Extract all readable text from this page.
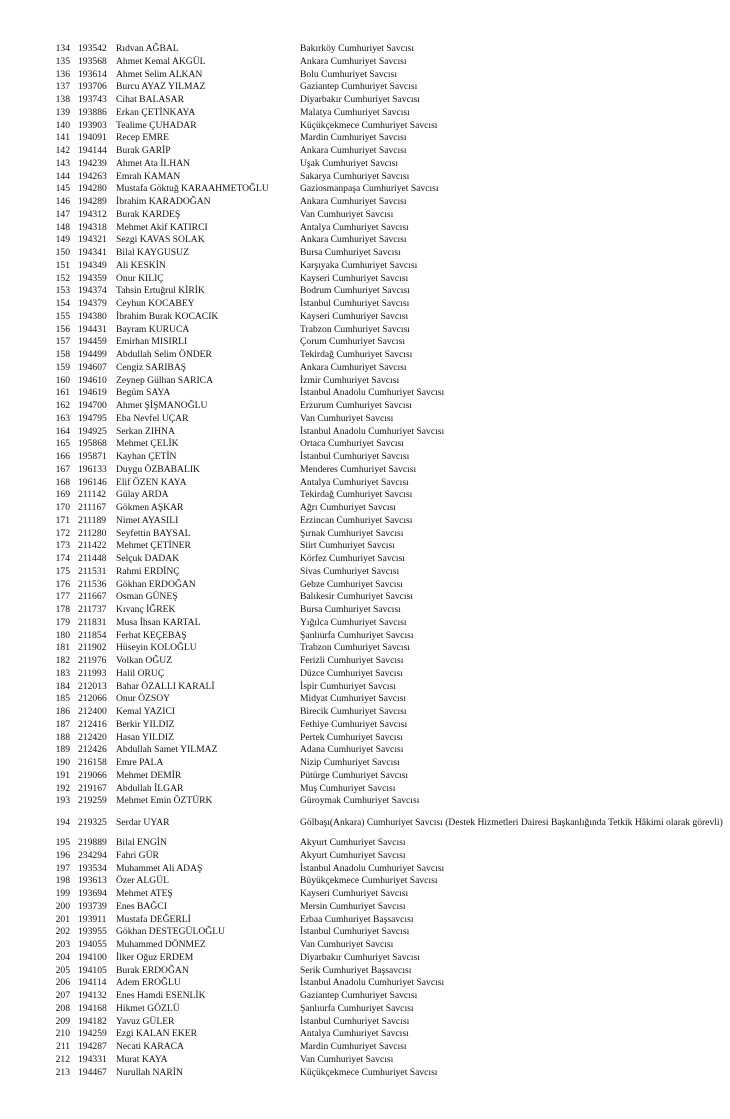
134 193542 Rıdvan AĞBAL	Bakırköy Cumhuriyet Savcısı
135 193568 Ahmet Kemal AKGÜL	Ankara Cumhuriyet Savcısı
136 193614 Ahmet Selim ALKAN	Bolu Cumhuriyet Savcısı
137 193706 Burcu AYAZ YILMAZ	Gaziantep Cumhuriyet Savcısı
138 193743 Cihat BALASAR	Diyarbakır Cumhuriyet Savcısı
139 193886 Erkan ÇETİNKAYA	Malatya Cumhuriyet Savcısı
140 193903 Tealime ÇUHADAR	Küçükçekmece Cumhuriyet Savcısı
141 194091 Recep EMRE	Mardin Cumhuriyet Savcısı
142 194144 Burak GARİP	Ankara Cumhuriyet Savcısı
143 194239 Ahmet Ata İLHAN	Uşak Cumhuriyet Savcısı
144 194263 Emrah KAMAN	Sakarya Cumhuriyet Savcısı
145 194280 Mustafa Göktuğ KARAAHMETOĞLU	Gaziosmanpaşa Cumhuriyet Savcısı
146 194289 İbrahim KARADOĞAN	Ankara Cumhuriyet Savcısı
147 194312 Burak KARDEŞ	Van Cumhuriyet Savcısı
148 194318 Mehmet Akif KATIRCI	Antalya Cumhuriyet Savcısı
149 194321 Sezgi KAVAS SOLAK	Ankara Cumhuriyet Savcısı
150 194341 Bilal KAYGUSUZ	Bursa Cumhuriyet Savcısı
151 194349 Ali KESKİN	Karşıyaka Cumhuriyet Savcısı
152 194359 Onur KILIÇ	Kayseri Cumhuriyet Savcısı
153 194374 Tahsin Ertuğrul KİRİK	Bodrum Cumhuriyet Savcısı
154 194379 Ceyhun KOCABEY	İstanbul Cumhuriyet Savcısı
155 194380 İbrahim Burak KOCACIK	Kayseri Cumhuriyet Savcısı
156 194431 Bayram KURUCA	Trabzon Cumhuriyet Savcısı
157 194459 Emirhan MISIRLI	Çorum Cumhuriyet Savcısı
158 194499 Abdullah Selim ÖNDER	Tekirdağ Cumhuriyet Savcısı
159 194607 Cengiz SARIBAŞ	Ankara Cumhuriyet Savcısı
160 194610 Zeynep Gülhan SARICA	İzmir Cumhuriyet Savcısı
161 194619 Begüm SAYA	İstanbul Anadolu Cumhuriyet Savcısı
162 194700 Ahmet ŞİŞMANOĞLU	Erzurum Cumhuriyet Savcısı
163 194795 Eba Nevfel UÇAR	Van Cumhuriyet Savcısı
164 194925 Serkan ZIHNA	İstanbul Anadolu Cumhuriyet Savcısı
165 195868 Mehmet ÇELİK	Ortaca Cumhuriyet Savcısı
166 195871 Kayhan ÇETİN	İstanbul Cumhuriyet Savcısı
167 196133 Duygu ÖZBABALIK	Menderes Cumhuriyet Savcısı
168 196146 Elif ÖZEN KAYA	Antalya Cumhuriyet Savcısı
169 211142 Gülay ARDA	Tekirdağ Cumhuriyet Savcısı
170 211167 Gökmen AŞKAR	Ağrı Cumhuriyet Savcısı
171 211189 Nimet AYASILI	Erzincan Cumhuriyet Savcısı
172 211280 Seyfettin BAYSAL	Şırnak Cumhuriyet Savcısı
173 211422 Mehmet ÇETİNER	Siirt Cumhuriyet Savcısı
174 211448 Selçuk DADAK	Körfez Cumhuriyet Savcısı
175 211531 Rahmi ERDİNÇ	Sivas Cumhuriyet Savcısı
176 211536 Gökhan ERDOĞAN	Gebze Cumhuriyet Savcısı
177 211667 Osman GÜNEŞ	Balıkesir Cumhuriyet Savcısı
178 211737 Kıvanç İĞREK	Bursa Cumhuriyet Savcısı
179 211831 Musa İhsan KARTAL	Yığılca Cumhuriyet Savcısı
180 211854 Ferhat KEÇEBAŞ	Şanlıurfa Cumhuriyet Savcısı
181 211902 Hüseyin KOLOĞLU	Trabzon Cumhuriyet Savcısı
182 211976 Volkan OĞUZ	Ferizli Cumhuriyet Savcısı
183 211993 Halil ORUÇ	Düzce Cumhuriyet Savcısı
184 212013 Bahar ÖZALLI KARALİ	İspir Cumhuriyet Savcısı
185 212066 Onur ÖZSOY	Midyat Cumhuriyet Savcısı
186 212400 Kemal YAZICI	Birecik Cumhuriyet Savcısı
187 212416 Berkir YILDIZ	Fethiye Cumhuriyet Savcısı
188 212420 Hasan YILDIZ	Pertek Cumhuriyet Savcısı
189 212426 Abdullah Samet YILMAZ	Adana Cumhuriyet Savcısı
190 216158 Emre PALA	Nizip Cumhuriyet Savcısı
191 219066 Mehmet DEMİR	Pütürge Cumhuriyet Savcısı
192 219167 Abdullah İLGAR	Muş Cumhuriyet Savcısı
193 219259 Mehmet Emin ÖZTÜRK	Güroymak Cumhuriyet Savcısı
194 219325 Serdar UYAR	Gölbaşı(Ankara) Cumhuriyet Savcısı (Destek Hizmetleri Dairesi Başkanlığında Tetkik Hâkimi olarak görevli)
195 219889 Bilal ENGİN	Akyurt Cumhuriyet Savcısı
196 234294 Fahri GÜR	Akyurt Cumhuriyet Savcısı
197 193534 Muhammet Ali ADAŞ	İstanbul Anadolu Cumhuriyet Savcısı
198 193613 Özer ALGÜL	Büyükçekmece Cumhuriyet Savcısı
199 193694 Mehmet ATEŞ	Kayseri Cumhuriyet Savcısı
200 193739 Enes BAĞCI	Mersin Cumhuriyet Savcısı
201 193911 Mustafa DEĞERLİ	Erbaa Cumhuriyet Başsavcısı
202 193955 Gökhan DESTEGÜLOĞLU	İstanbul Cumhuriyet Savcısı
203 194055 Muhammed DÖNMEZ	Van Cumhuriyet Savcısı
204 194100 İlker Oğuz ERDEM	Diyarbakır Cumhuriyet Savcısı
205 194105 Burak ERDOĞAN	Serik Cumhuriyet Başsavcısı
206 194114 Adem EROĞLU	İstanbul Anadolu Cumhuriyet Savcısı
207 194132 Enes Hamdi ESENLİK	Gaziantep Cumhuriyet Savcısı
208 194168 Hikmet GÖZLÜ	Şanlıurfa Cumhuriyet Savcısı
209 194182 Yavuz GÜLER	İstanbul Cumhuriyet Savcısı
210 194259 Ezgi KALAN EKER	Antalya Cumhuriyet Savcısı
211 194287 Necati KARACA	Mardin Cumhuriyet Savcısı
212 194331 Murat KAYA	Van Cumhuriyet Savcısı
213 194467 Nurullah NARİN	Küçükçekmece Cumhuriyet Savcısı
